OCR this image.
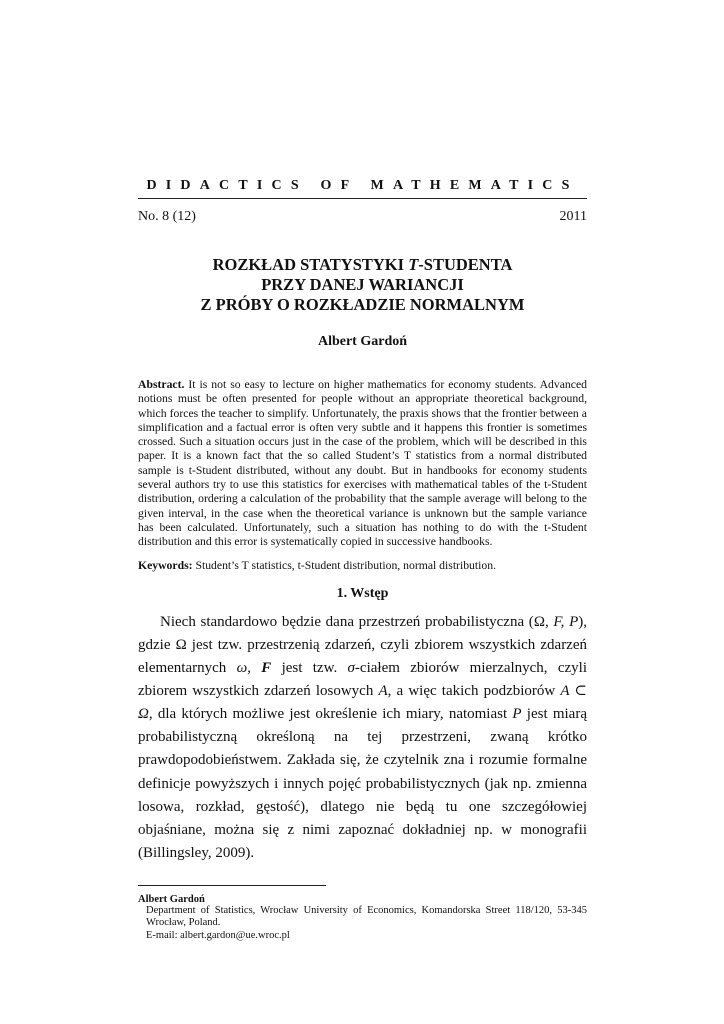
DIDACTICS OF MATHEMATICS
No. 8 (12)	2011
ROZKŁAD STATYSTYKI T-STUDENTA
PRZY DANEJ WARIANCJI
Z PRÓBY O ROZKŁADZIE NORMALNYM
Albert Gardoń
Abstract. It is not so easy to lecture on higher mathematics for economy students. Advanced notions must be often presented for people without an appropriate theoretical background, which forces the teacher to simplify. Unfortunately, the praxis shows that the frontier between a simplification and a factual error is often very subtle and it happens this frontier is sometimes crossed. Such a situation occurs just in the case of the problem, which will be described in this paper. It is a known fact that the so called Student’s T statistics from a normal distributed sample is t-Student distributed, without any doubt. But in handbooks for economy students several authors try to use this statistics for exercises with mathematical tables of the t-Student distribution, ordering a calculation of the probability that the sample average will belong to the given interval, in the case when the theoretical variance is unknown but the sample variance has been calculated. Unfortunately, such a situation has nothing to do with the t-Student distribution and this error is systematically copied in successive handbooks.
Keywords: Student’s T statistics, t-Student distribution, normal distribution.
1. Wstęp
Niech standardowo będzie dana przestrzeń probabilistyczna (Ω, F, P), gdzie Ω jest tzw. przestrzenią zdarzeń, czyli zbiorem wszystkich zdarzeń elementarnych ω, F jest tzw. σ-ciałem zbiorów mierzalnych, czyli zbiorem wszystkich zdarzeń losowych A, a więc takich podzbiorów A ⊂ Ω, dla których możliwe jest określenie ich miary, natomiast P jest miarą probabilistyczną określoną na tej przestrzeni, zwaną krótko prawdopodobieństwem. Zakłada się, że czytelnik zna i rozumie formalne definicje powyższych i innych pojęć probabilistycznych (jak np. zmienna losowa, rozkład, gęstość), dlatego nie będą tu one szczegółowiej objaśniane, można się z nimi zapoznać dokładniej np. w monografii (Billingsley, 2009).
Albert Gardoń
Department of Statistics, Wrocław University of Economics, Komandorska Street 118/120, 53-345 Wrocław, Poland.
E-mail: albert.gardon@ue.wroc.pl
